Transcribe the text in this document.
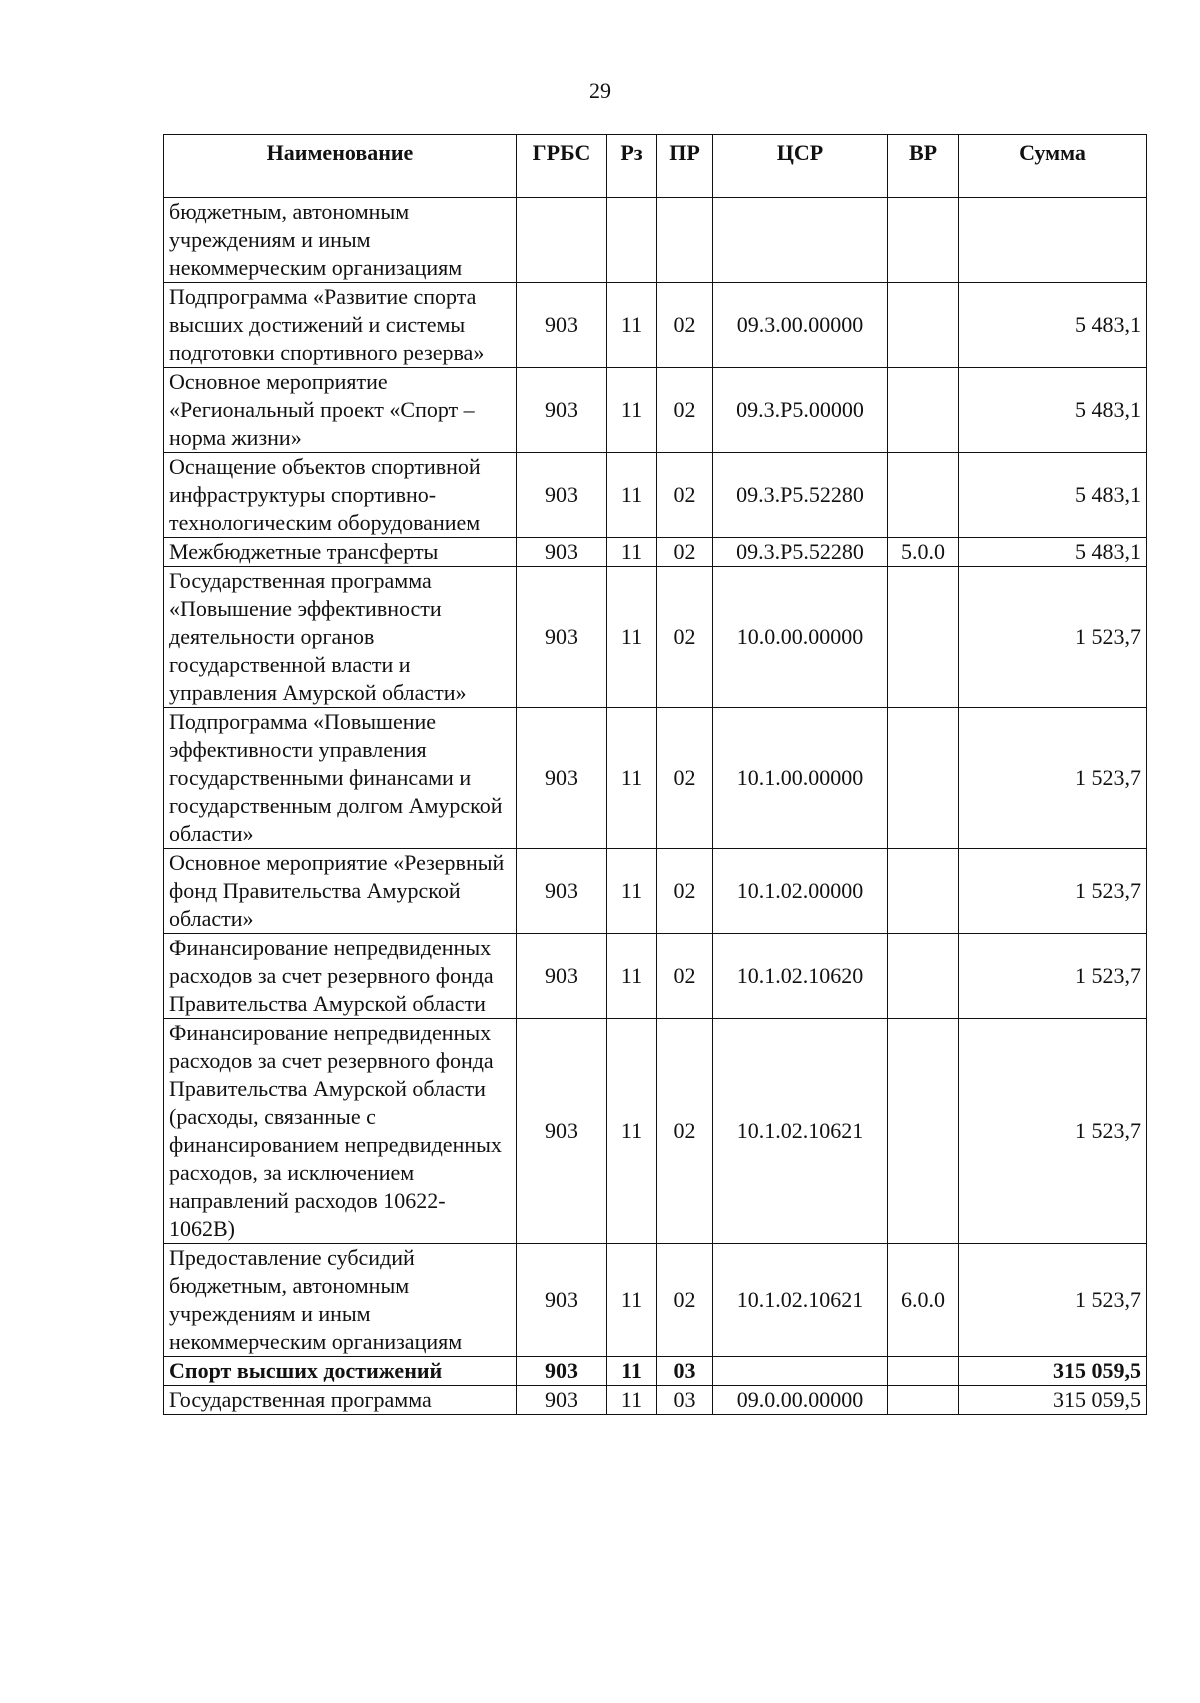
29
Наименование	ГРБС	Рз	ПР	ЦСР	ВР	Сумма
бюджетным, автономным учреждениям и иным некоммерческим организациям						
Подпрограмма «Развитие спорта высших достижений и системы подготовки спортивного резерва»	903	11	02	09.3.00.00000		5 483,1
Основное мероприятие «Региональный проект «Спорт – норма жизни»	903	11	02	09.3.P5.00000		5 483,1
Оснащение объектов спортивной инфраструктуры спортивно-технологическим оборудованием	903	11	02	09.3.P5.52280		5 483,1
Межбюджетные трансферты	903	11	02	09.3.P5.52280	5.0.0	5 483,1
Государственная программа «Повышение эффективности деятельности органов государственной власти и управления Амурской области»	903	11	02	10.0.00.00000		1 523,7
Подпрограмма «Повышение эффективности управления государственными финансами и государственным долгом Амурской области»	903	11	02	10.1.00.00000		1 523,7
Основное мероприятие «Резервный фонд Правительства Амурской области»	903	11	02	10.1.02.00000		1 523,7
Финансирование непредвиденных расходов за счет резервного фонда Правительства Амурской области	903	11	02	10.1.02.10620		1 523,7
Финансирование непредвиденных расходов за счет резервного фонда Правительства Амурской области (расходы, связанные с финансированием непредвиденных расходов, за исключением направлений расходов 10622-1062В)	903	11	02	10.1.02.10621		1 523,7
Предоставление субсидий бюджетным, автономным учреждениям и иным некоммерческим организациям	903	11	02	10.1.02.10621	6.0.0	1 523,7
Спорт высших достижений	903	11	03			315 059,5
Государственная программа	903	11	03	09.0.00.00000		315 059,5
